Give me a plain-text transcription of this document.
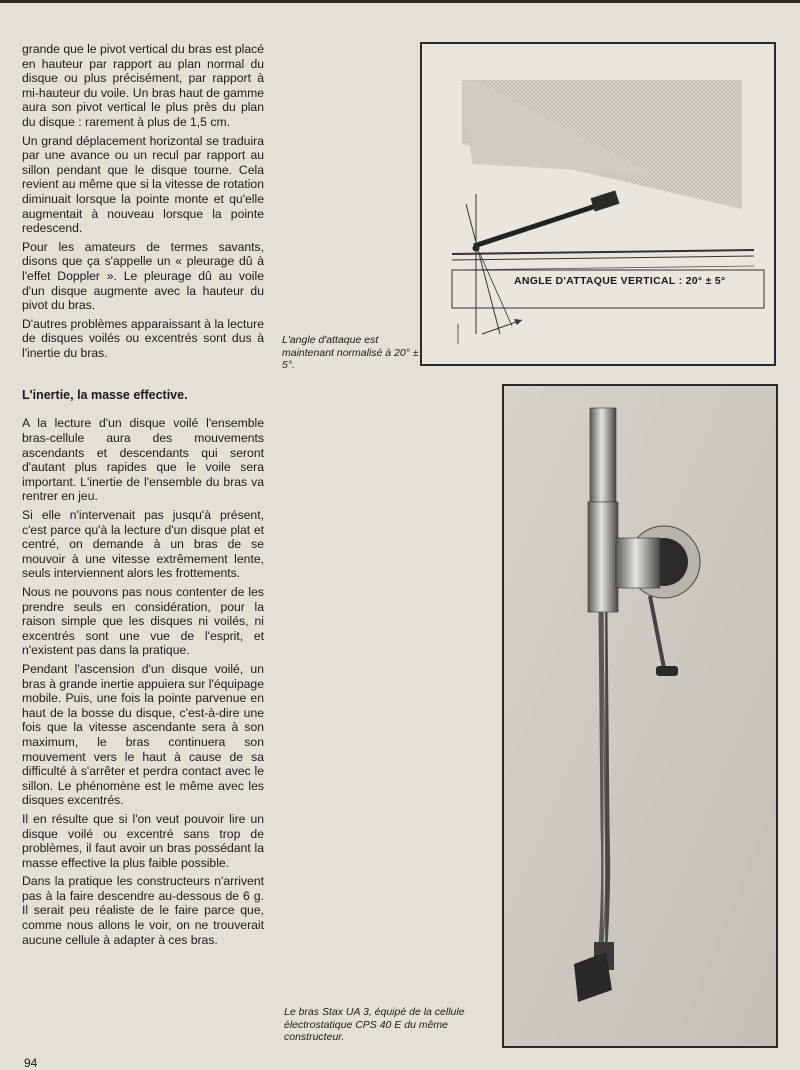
grande que le pivot vertical du bras est placé en hauteur par rapport au plan normal du disque ou plus précisément, par rapport à mi-hauteur du voile. Un bras haut de gamme aura son pivot vertical le plus près du plan du disque : rarement à plus de 1,5 cm.

Un grand déplacement horizontal se traduira par une avance ou un recul par rapport au sillon pendant que le disque tourne. Cela revient au même que si la vitesse de rotation diminuait lorsque la pointe monte et qu'elle augmentait à nouveau lorsque la pointe redescend.

Pour les amateurs de termes savants, disons que ça s'appelle un « pleurage dû à l'effet Doppler ». Le pleurage dû au voile d'un disque augmente avec la hauteur du pivot du bras.

D'autres problèmes apparaissant à la lecture de disques voilés ou excentrés sont dus à l'inertie du bras.

L'inertie, la masse effective.

A la lecture d'un disque voilé l'ensemble bras-cellule aura des mouvements ascendants et descendants qui seront d'autant plus rapides que le voile sera important. L'inertie de l'ensemble du bras va rentrer en jeu.

Si elle n'intervenait pas jusqu'à présent, c'est parce qu'à la lecture d'un disque plat et centré, on demande à un bras de se mouvoir à une vitesse extrêmement lente, seuls interviennent alors les frottements.

Nous ne pouvons pas nous contenter de les prendre seuls en considération, pour la raison simple que les disques ni voilés, ni excentrés sont une vue de l'esprit, et n'existent pas dans la pratique.

Pendant l'ascension d'un disque voilé, un bras à grande inertie appuiera sur l'équipage mobile. Puis, une fois la pointe parvenue en haut de la bosse du disque, c'est-à-dire une fois que la vitesse ascendante sera à son maximum, le bras continuera son mouvement vers le haut à cause de sa difficulté à s'arrêter et perdra contact avec le sillon. Le phénomène est le même avec les disques excentrés.

Il en résulte que si l'on veut pouvoir lire un disque voilé ou excentré sans trop de problèmes, il faut avoir un bras possédant la masse effective la plus faible possible.

Dans la pratique les constructeurs n'arrivent pas à la faire descendre au-dessous de 6 g. Il serait peu réaliste de le faire parce que, comme nous allons le voir, on ne trouverait aucune cellule à adapter à ces bras.

94
ANGLE D'ATTAQUE VERTICAL : 20° ± 5°
L'angle d'attaque est maintenant normalisé à 20° ± 5°.
Le bras Stax UA 3, équipé de la cellule électrostatique CPS 40 E du même constructeur.
